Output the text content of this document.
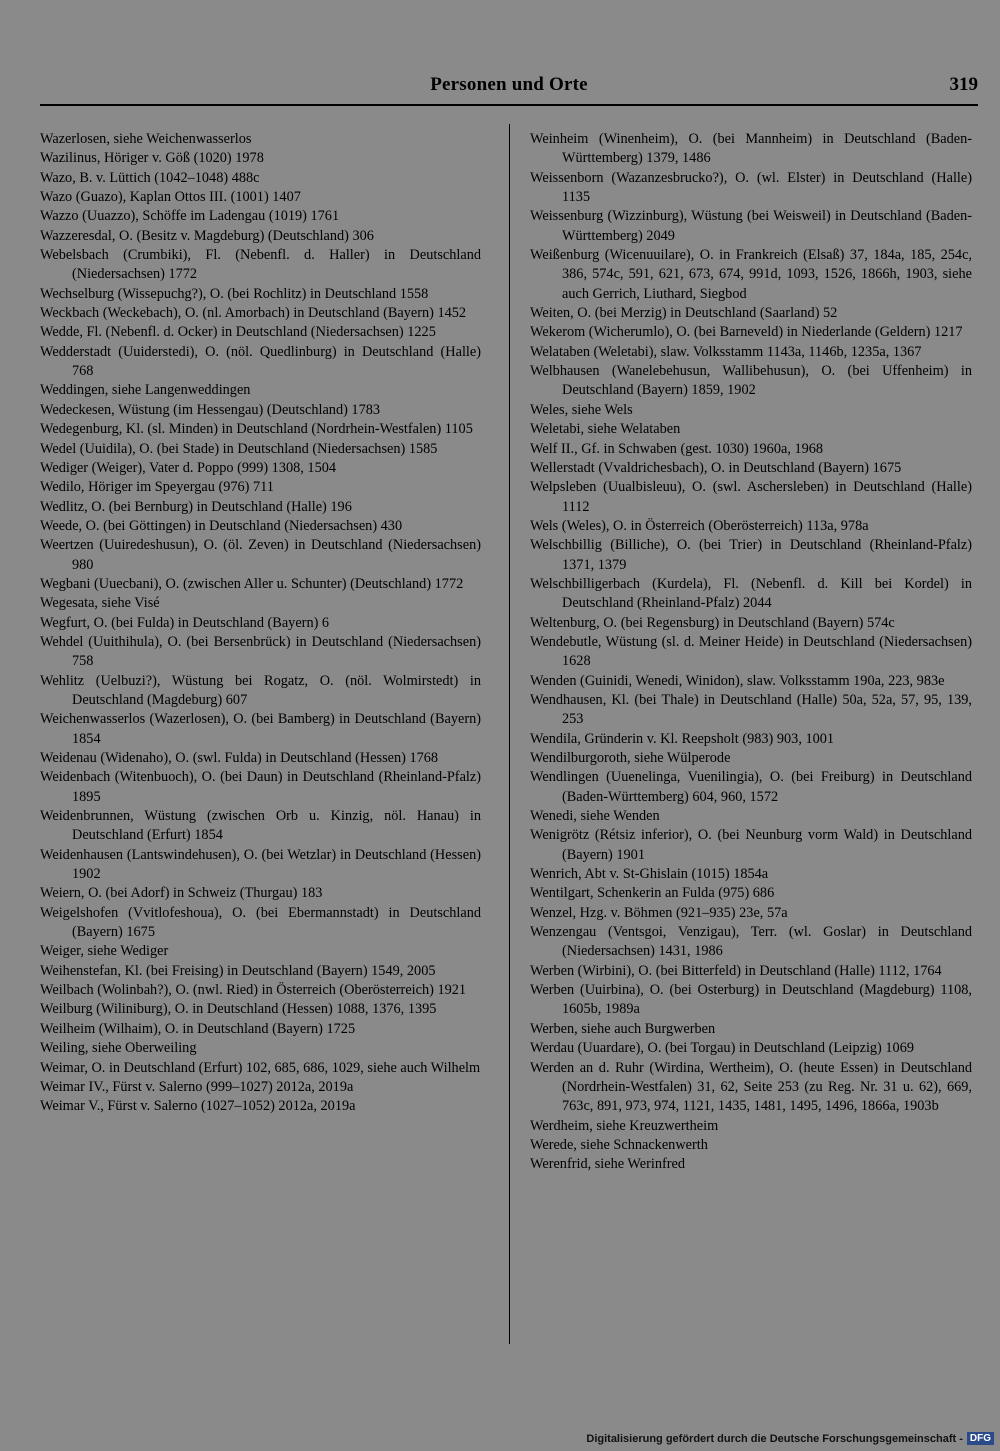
Personen und Orte	319
Wazerlosen, siehe Weichenwasserlos
Wazilinus, Höriger v. Göß (1020) 1978
Wazo, B. v. Lüttich (1042–1048) 488c
Wazo (Guazo), Kaplan Ottos III. (1001) 1407
Wazzo (Uuazzo), Schöffe im Ladengau (1019) 1761
Wazzeresdal, O. (Besitz v. Magdeburg) (Deutschland) 306
Webelsbach (Crumbiki), Fl. (Nebenfl. d. Haller) in Deutschland (Niedersachsen) 1772
Wechselburg (Wissepuchg?), O. (bei Rochlitz) in Deutschland 1558
Weckbach (Weckebach), O. (nl. Amorbach) in Deutschland (Bayern) 1452
Wedde, Fl. (Nebenfl. d. Ocker) in Deutschland (Niedersachsen) 1225
Wedderstadt (Uuiderstedi), O. (nöl. Quedlinburg) in Deutschland (Halle) 768
Weddingen, siehe Langenweddingen
Wedeckesen, Wüstung (im Hessengau) (Deutschland) 1783
Wedegenburg, Kl. (sl. Minden) in Deutschland (Nordrhein-Westfalen) 1105
Wedel (Uuidila), O. (bei Stade) in Deutschland (Niedersachsen) 1585
Wediger (Weiger), Vater d. Poppo (999) 1308, 1504
Wedilo, Höriger im Speyergau (976) 711
Wedlitz, O. (bei Bernburg) in Deutschland (Halle) 196
Weede, O. (bei Göttingen) in Deutschland (Niedersachsen) 430
Weertzen (Uuiredeshusun), O. (öl. Zeven) in Deutschland (Niedersachsen) 980
Wegbani (Uuecbani), O. (zwischen Aller u. Schunter) (Deutschland) 1772
Wegesata, siehe Visé
Wegfurt, O. (bei Fulda) in Deutschland (Bayern) 6
Wehdel (Uuithihula), O. (bei Bersenbrück) in Deutschland (Niedersachsen) 758
Wehlitz (Uelbuzi?), Wüstung bei Rogatz, O. (nöl. Wolmirstedt) in Deutschland (Magdeburg) 607
Weichenwasserlos (Wazerlosen), O. (bei Bamberg) in Deutschland (Bayern) 1854
Weidenau (Widenaho), O. (swl. Fulda) in Deutschland (Hessen) 1768
Weidenbach (Witenbuoch), O. (bei Daun) in Deutschland (Rheinland-Pfalz) 1895
Weidenbrunnen, Wüstung (zwischen Orb u. Kinzig, nöl. Hanau) in Deutschland (Erfurt) 1854
Weidenhausen (Lantswindehusen), O. (bei Wetzlar) in Deutschland (Hessen) 1902
Weiern, O. (bei Adorf) in Schweiz (Thurgau) 183
Weigelshofen (Vvitlofeshoua), O. (bei Ebermannstadt) in Deutschland (Bayern) 1675
Weiger, siehe Wediger
Weihenstefan, Kl. (bei Freising) in Deutschland (Bayern) 1549, 2005
Weilbach (Wolinbah?), O. (nwl. Ried) in Österreich (Oberösterreich) 1921
Weilburg (Wiliniburg), O. in Deutschland (Hessen) 1088, 1376, 1395
Weilheim (Wilhaim), O. in Deutschland (Bayern) 1725
Weiling, siehe Oberweiling
Weimar, O. in Deutschland (Erfurt) 102, 685, 686, 1029, siehe auch Wilhelm
Weimar IV., Fürst v. Salerno (999–1027) 2012a, 2019a
Weimar V., Fürst v. Salerno (1027–1052) 2012a, 2019a
Weinheim (Winenheim), O. (bei Mannheim) in Deutschland (Baden-Württemberg) 1379, 1486
Weissenborn (Wazanzesbrucko?), O. (wl. Elster) in Deutschland (Halle) 1135
Weissenburg (Wizzinburg), Wüstung (bei Weisweil) in Deutschland (Baden-Württemberg) 2049
Weißenburg (Wicenuuilare), O. in Frankreich (Elsaß) 37, 184a, 185, 254c, 386, 574c, 591, 621, 673, 674, 991d, 1093, 1526, 1866h, 1903, siehe auch Gerrich, Liuthard, Siegbod
Weiten, O. (bei Merzig) in Deutschland (Saarland) 52
Wekerom (Wicherumlo), O. (bei Barneveld) in Niederlande (Geldern) 1217
Welataben (Weletabi), slaw. Volksstamm 1143a, 1146b, 1235a, 1367
Welbhausen (Wanelebehusun, Wallibehusun), O. (bei Uffenheim) in Deutschland (Bayern) 1859, 1902
Weles, siehe Wels
Weletabi, siehe Welataben
Welf II., Gf. in Schwaben (gest. 1030) 1960a, 1968
Wellerstadt (Vvaldrichesbach), O. in Deutschland (Bayern) 1675
Welpsleben (Uualbisleuu), O. (swl. Aschersleben) in Deutschland (Halle) 1112
Wels (Weles), O. in Österreich (Oberösterreich) 113a, 978a
Welschbillig (Billiche), O. (bei Trier) in Deutschland (Rheinland-Pfalz) 1371, 1379
Welschbilligerbach (Kurdela), Fl. (Nebenfl. d. Kill bei Kordel) in Deutschland (Rheinland-Pfalz) 2044
Weltenburg, O. (bei Regensburg) in Deutschland (Bayern) 574c
Wendebutle, Wüstung (sl. d. Meiner Heide) in Deutschland (Niedersachsen) 1628
Wenden (Guinidi, Wenedi, Winidon), slaw. Volksstamm 190a, 223, 983e
Wendhausen, Kl. (bei Thale) in Deutschland (Halle) 50a, 52a, 57, 95, 139, 253
Wendila, Gründerin v. Kl. Reepsholt (983) 903, 1001
Wendilburgoroth, siehe Wülperode
Wendlingen (Uuenelinga, Vuenilingia), O. (bei Freiburg) in Deutschland (Baden-Württemberg) 604, 960, 1572
Wenedi, siehe Wenden
Wenigrötz (Rétsiz inferior), O. (bei Neunburg vorm Wald) in Deutschland (Bayern) 1901
Wenrich, Abt v. St-Ghislain (1015) 1854a
Wentilgart, Schenkerin an Fulda (975) 686
Wenzel, Hzg. v. Böhmen (921–935) 23e, 57a
Wenzengau (Ventsgoi, Venzigau), Terr. (wl. Goslar) in Deutschland (Niedersachsen) 1431, 1986
Werben (Wirbini), O. (bei Bitterfeld) in Deutschland (Halle) 1112, 1764
Werben (Uuirbina), O. (bei Osterburg) in Deutschland (Magdeburg) 1108, 1605b, 1989a
Werben, siehe auch Burgwerben
Werdau (Uuardare), O. (bei Torgau) in Deutschland (Leipzig) 1069
Werden an d. Ruhr (Wirdina, Wertheim), O. (heute Essen) in Deutschland (Nordrhein-Westfalen) 31, 62, Seite 253 (zu Reg. Nr. 31 u. 62), 669, 763c, 891, 973, 974, 1121, 1435, 1481, 1495, 1496, 1866a, 1903b
Werdheim, siehe Kreuzwertheim
Werede, siehe Schnackenwerth
Werenfrid, siehe Werinfred
Digitalisierung gefördert durch die Deutsche Forschungsgemeinschaft - DFG
